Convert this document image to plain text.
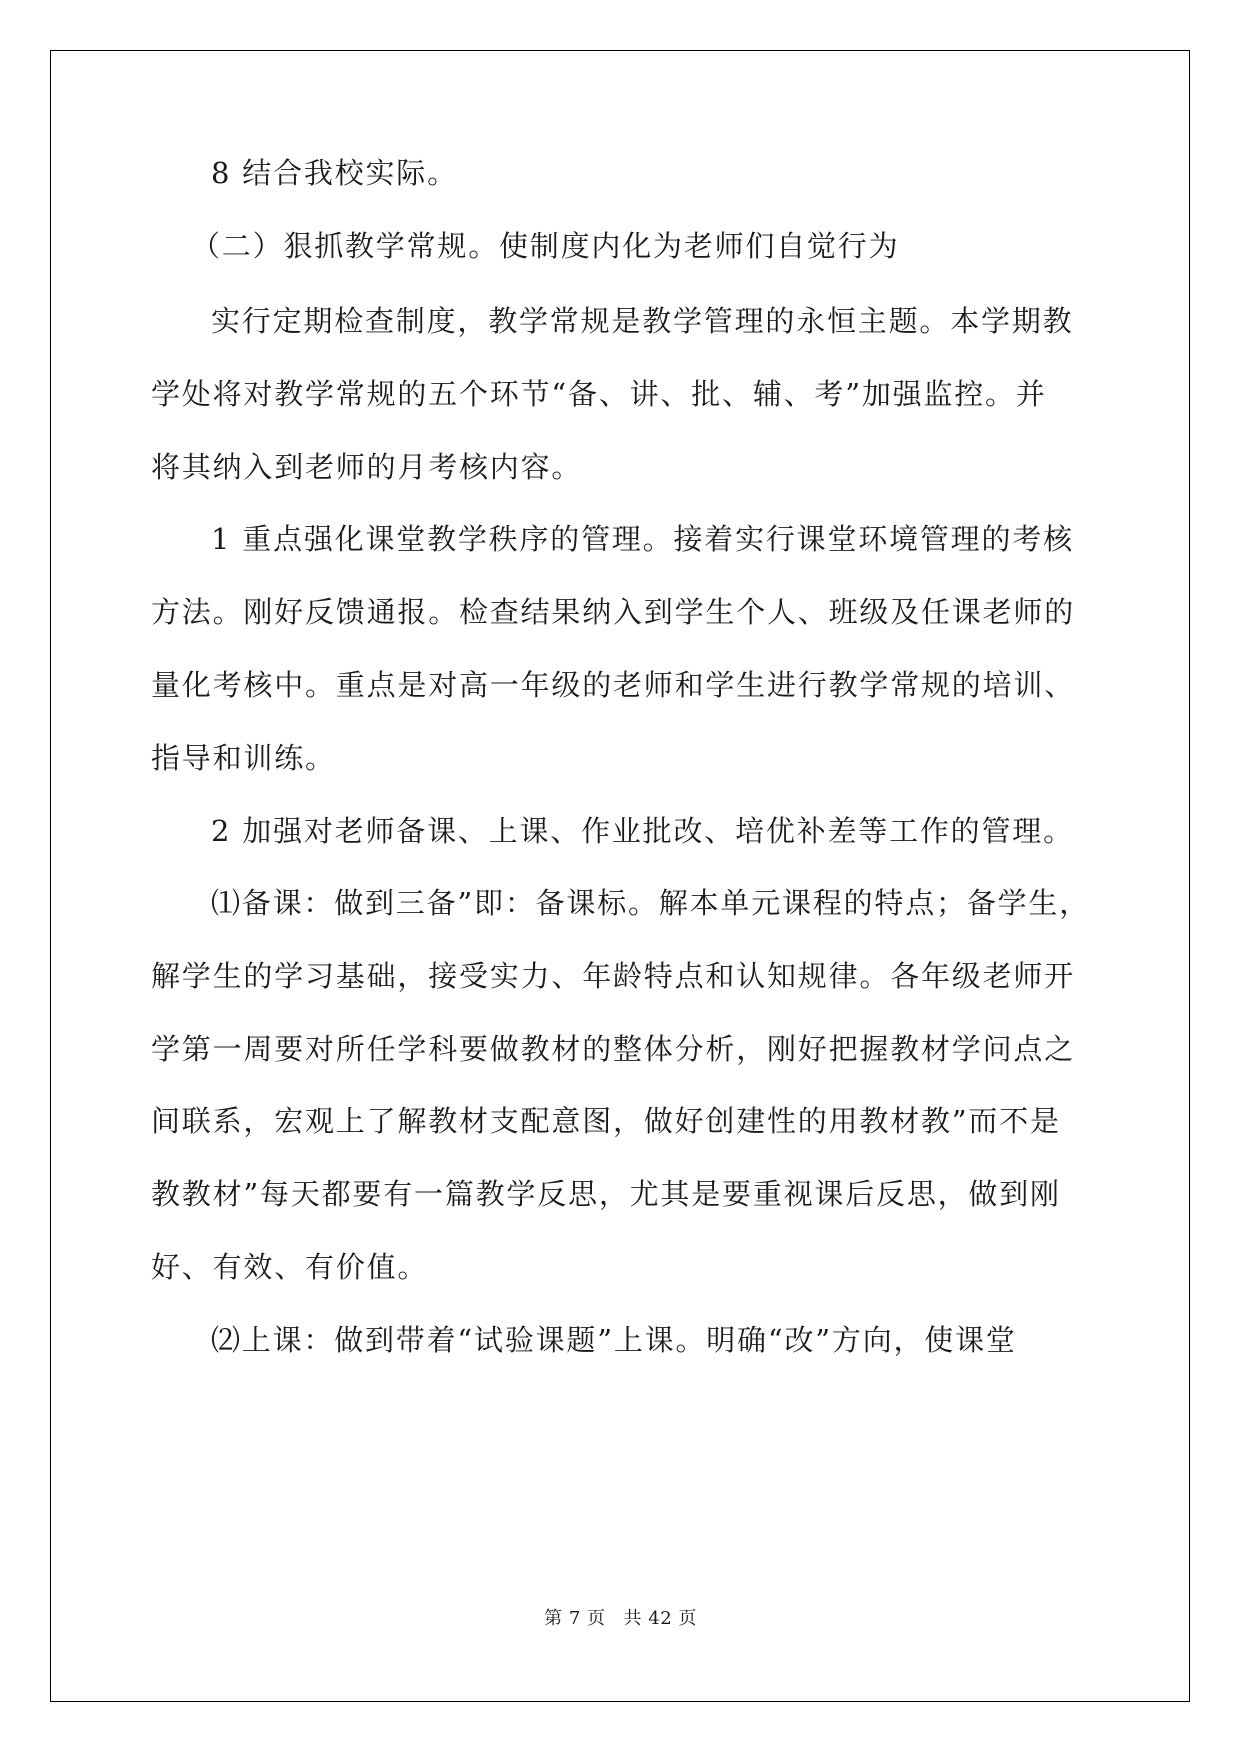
8 结合我校实际。

（二）狠抓教学常规。使制度内化为老师们自觉行为

实行定期检查制度，教学常规是教学管理的永恒主题。本学期教

学处将对教学常规的五个环节“备、讲、批、辅、考”加强监控。并

将其纳入到老师的月考核内容。

1 重点强化课堂教学秩序的管理。接着实行课堂环境管理的考核

方法。刚好反馈通报。检查结果纳入到学生个人、班级及任课老师的

量化考核中。重点是对高一年级的老师和学生进行教学常规的培训、

指导和训练。

2 加强对老师备课、上课、作业批改、培优补差等工作的管理。

⑴备课：做到三备”即：备课标。解本单元课程的特点；备学生，

解学生的学习基础，接受实力、年龄特点和认知规律。各年级老师开

学第一周要对所任学科要做教材的整体分析，刚好把握教材学问点之

间联系，宏观上了解教材支配意图，做好创建性的用教材教”而不是

教教材”每天都要有一篇教学反思，尤其是要重视课后反思，做到刚

好、有效、有价值。

⑵上课：做到带着“试验课题”上课。明确“改”方向，使课堂

第 7 页 共 42 页
